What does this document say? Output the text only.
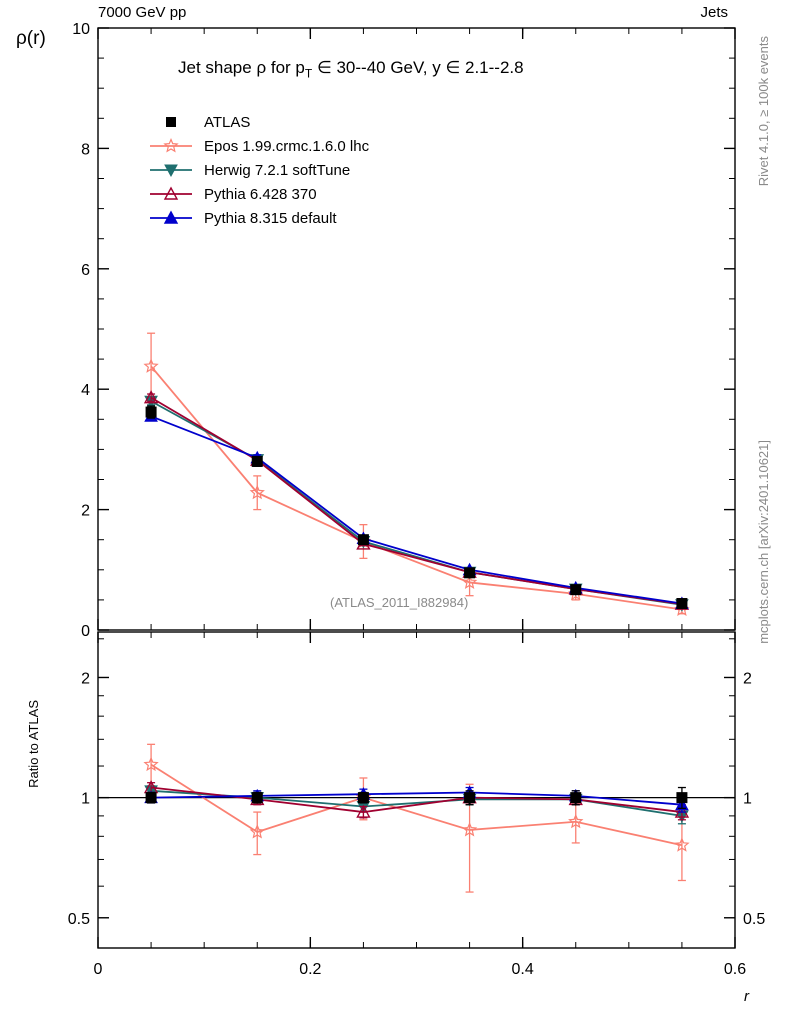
7000 GeV pp	Jets
Rivet 4.1.0, ≥ 100k events
mcplots.cern.ch [arXiv:2401.10621]
ρ(r)
Ratio to ATLAS
r
0
2
4
6
8
10
0.5	0.5
1	1
2	2
0	0.2	0.4	0.6
Jet shape ρ for $p_T$ ∈ 30--40 GeV, y ∈ 2.1--2.8
(ATLAS_2011_I882984)
ATLAS
Epos 1.99.crmc.1.6.0 lhc
Herwig 7.2.1 softTune
Pythia 6.428 370
Pythia 8.315 default
